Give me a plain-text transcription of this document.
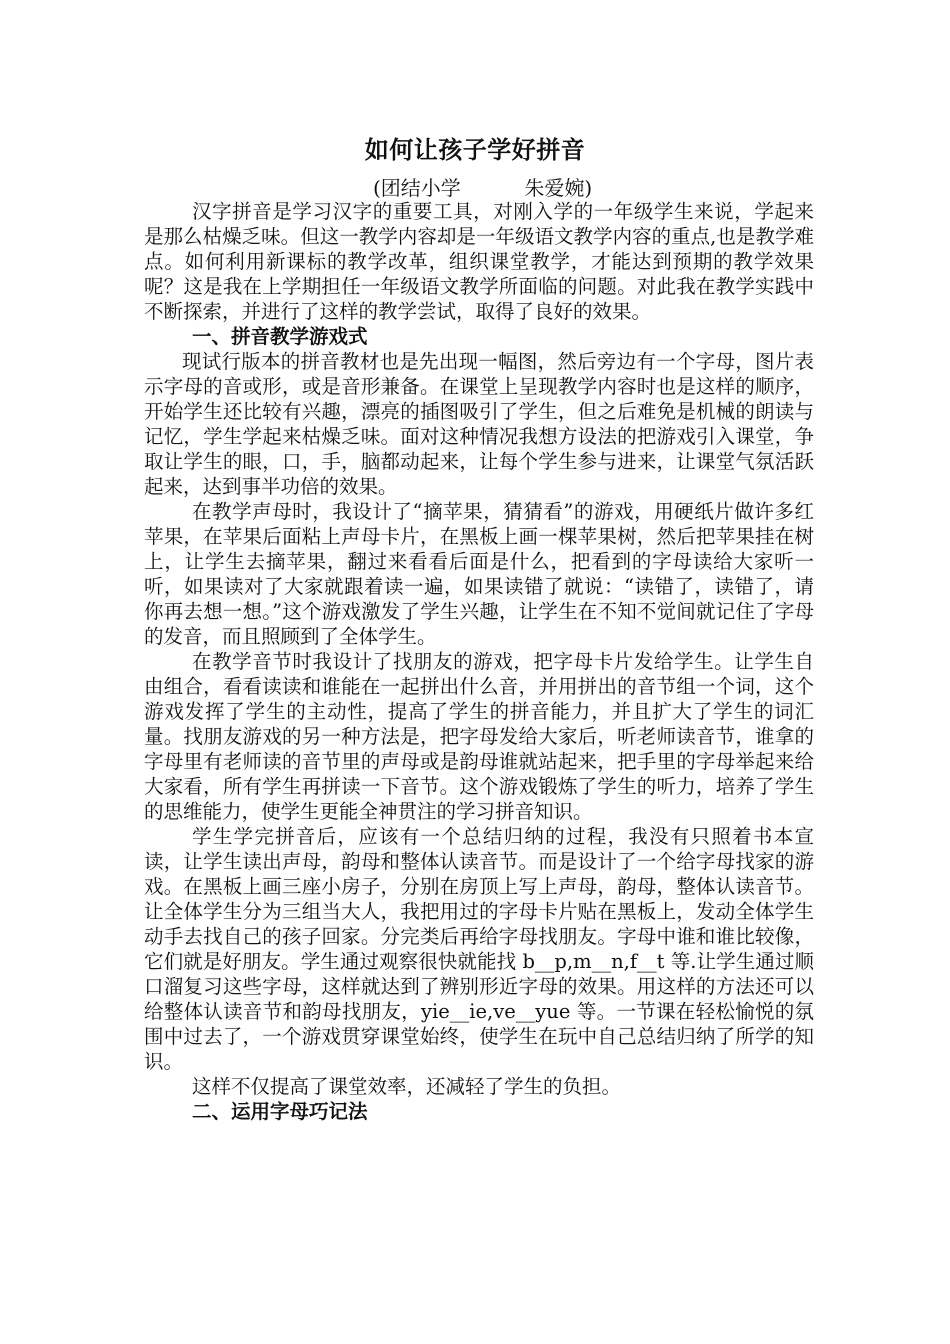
如何让孩子学好拼音
(团结小学          朱爱婉)

汉字拼音是学习汉字的重要工具，对刚入学的一年级学生来说，学起来是那么枯燥乏味。但这一教学内容却是一年级语文教学内容的重点,也是教学难点。如何利用新课标的教学改革，组织课堂教学，才能达到预期的教学效果呢？这是我在上学期担任一年级语文教学所面临的问题。对此我在教学实践中不断探索，并进行了这样的教学尝试，取得了良好的效果。

一、拼音教学游戏式

现试行版本的拼音教材也是先出现一幅图，然后旁边有一个字母，图片表示字母的音或形，或是音形兼备。在课堂上呈现教学内容时也是这样的顺序，开始学生还比较有兴趣，漂亮的插图吸引了学生，但之后难免是机械的朗读与记忆，学生学起来枯燥乏味。面对这种情况我想方设法的把游戏引入课堂，争取让学生的眼，口，手，脑都动起来，让每个学生参与进来，让课堂气氛活跃起来，达到事半功倍的效果。

在教学声母时，我设计了“摘苹果，猜猜看”的游戏，用硬纸片做许多红苹果，在苹果后面粘上声母卡片，在黑板上画一棵苹果树，然后把苹果挂在树上，让学生去摘苹果，翻过来看看后面是什么，把看到的字母读给大家听一听，如果读对了大家就跟着读一遍，如果读错了就说：“读错了，读错了，请你再去想一想。”这个游戏激发了学生兴趣，让学生在不知不觉间就记住了字母的发音，而且照顾到了全体学生。

在教学音节时我设计了找朋友的游戏，把字母卡片发给学生。让学生自由组合，看看读读和谁能在一起拼出什么音，并用拼出的音节组一个词，这个游戏发挥了学生的主动性，提高了学生的拼音能力，并且扩大了学生的词汇量。找朋友游戏的另一种方法是，把字母发给大家后，听老师读音节，谁拿的字母里有老师读的音节里的声母或是韵母谁就站起来，把手里的字母举起来给大家看，所有学生再拼读一下音节。这个游戏锻炼了学生的听力，培养了学生的思维能力，使学生更能全神贯注的学习拼音知识。

学生学完拼音后，应该有一个总结归纳的过程，我没有只照着书本宣读，让学生读出声母，韵母和整体认读音节。而是设计了一个给字母找家的游戏。在黑板上画三座小房子，分别在房顶上写上声母，韵母，整体认读音节。让全体学生分为三组当大人，我把用过的字母卡片贴在黑板上，发动全体学生动手去找自己的孩子回家。分完类后再给字母找朋友。字母中谁和谁比较像，它们就是好朋友。学生通过观察很快就能找 b__p,m__n,f__t 等.让学生通过顺口溜复习这些字母，这样就达到了辨别形近字母的效果。用这样的方法还可以给整体认读音节和韵母找朋友，yie__ie,ve__yue 等。一节课在轻松愉悦的氛围中过去了，一个游戏贯穿课堂始终，使学生在玩中自己总结归纳了所学的知识。

这样不仅提高了课堂效率，还减轻了学生的负担。

二、运用字母巧记法
